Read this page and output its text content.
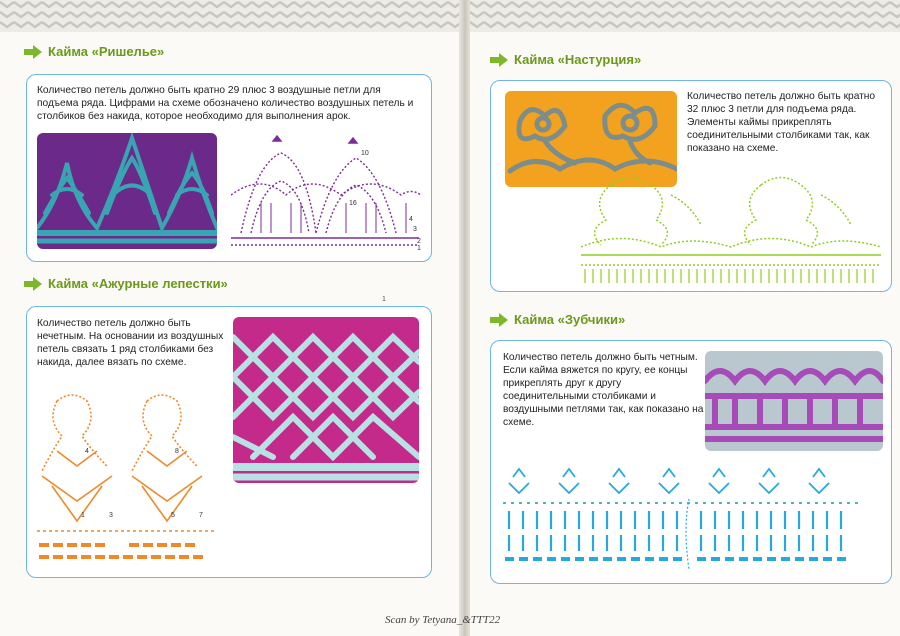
Кайма «Ришелье»
Количество петель должно быть кратно 29 плюс 3 воздушные петли для подъема ряда. Цифрами на схеме обозначено количество воздушных петель и столбиков без накида, которое необходимо для выполнения арок.
10
16
4
3
2
1
Кайма «Ажурные лепестки»
1
Количество петель должно быть нечетным. На основании из воздушных петель связать 1 ряд столбиками без накида, далее вязать по схеме.
4	8
1	3	5	7
Кайма «Настурция»
Количество петель должно быть кратно 32 плюс 3 петли для подъема ряда. Элементы каймы прикреплять соединительными столбиками так, как показано на схеме.
Кайма «Зубчики»
Количество петель должно быть четным. Если кайма вяжется по кругу, ее концы прикреплять друг к другу соединительными столбиками и воздушными петлями так, как показано на схеме.
Scan by Tetyana_&TTT22
